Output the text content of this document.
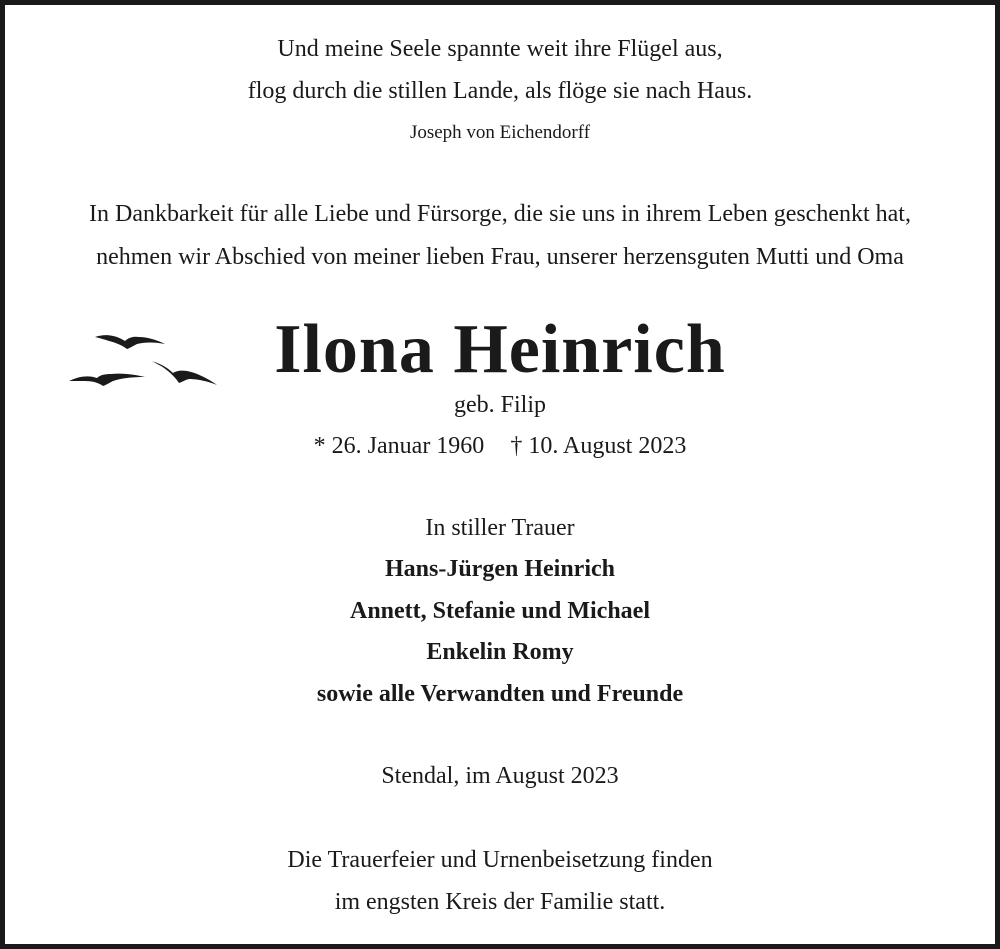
Und meine Seele spannte weit ihre Flügel aus,
flog durch die stillen Lande, als flöge sie nach Haus.
Joseph von Eichendorff
In Dankbarkeit für alle Liebe und Fürsorge, die sie uns in ihrem Leben geschenkt hat,
nehmen wir Abschied von meiner lieben Frau, unserer herzensguten Mutti und Oma
Ilona Heinrich
geb. Filip
* 26. Januar 1960 † 10. August 2023
In stiller Trauer
Hans-Jürgen Heinrich
Annett, Stefanie und Michael
Enkelin Romy
sowie alle Verwandten und Freunde
Stendal, im August 2023
Die Trauerfeier und Urnenbeisetzung finden
im engsten Kreis der Familie statt.
